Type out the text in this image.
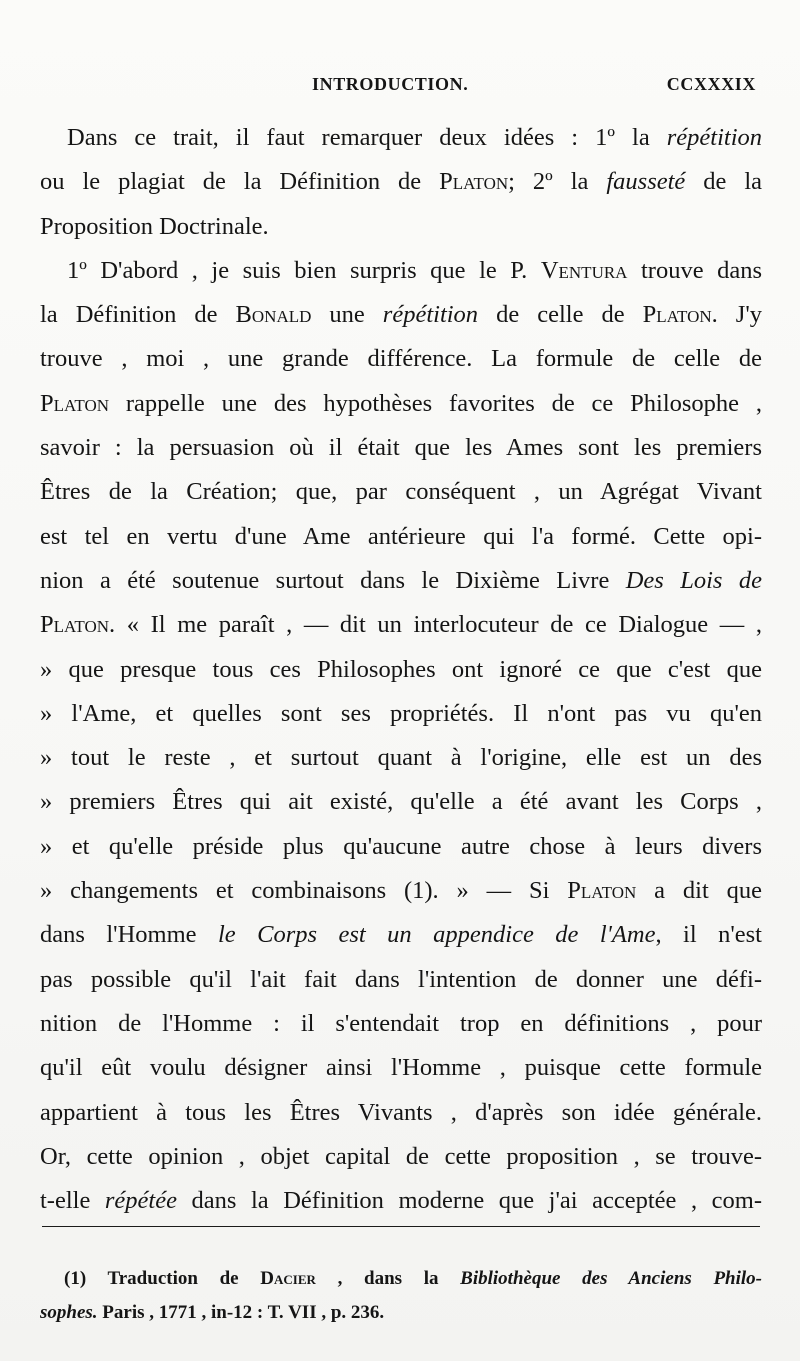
INTRODUCTION.	CCXXXIX
Dans ce trait, il faut remarquer deux idées : 1º la répétition
ou le plagiat de la Définition de Platon; 2º la fausseté de la
Proposition Doctrinale.
1º D'abord , je suis bien surpris que le P. Ventura trouve dans
la Définition de Bonald une répétition de celle de Platon. J'y
trouve , moi , une grande différence. La formule de celle de
Platon rappelle une des hypothèses favorites de ce Philosophe ,
savoir : la persuasion où il était que les Ames sont les premiers
Êtres de la Création; que, par conséquent , un Agrégat Vivant
est tel en vertu d'une Ame antérieure qui l'a formé. Cette opi-
nion a été soutenue surtout dans le Dixième Livre Des Lois de
Platon. « Il me paraît , — dit un interlocuteur de ce Dialogue — ,
» que presque tous ces Philosophes ont ignoré ce que c'est que
» l'Ame, et quelles sont ses propriétés. Il n'ont pas vu qu'en
» tout le reste , et surtout quant à l'origine, elle est un des
» premiers Êtres qui ait existé, qu'elle a été avant les Corps ,
» et qu'elle préside plus qu'aucune autre chose à leurs divers
» changements et combinaisons (1). » — Si Platon a dit que
dans l'Homme le Corps est un appendice de l'Ame, il n'est
pas possible qu'il l'ait fait dans l'intention de donner une défi-
nition de l'Homme : il s'entendait trop en définitions , pour
qu'il eût voulu désigner ainsi l'Homme , puisque cette formule
appartient à tous les Êtres Vivants , d'après son idée générale.
Or, cette opinion , objet capital de cette proposition , se trouve-
t-elle répétée dans la Définition moderne que j'ai acceptée , com-
(1) Traduction de Dacier , dans la Bibliothèque des Anciens Philo-
sophes. Paris , 1771 , in-12 : T. VII , p. 236.
